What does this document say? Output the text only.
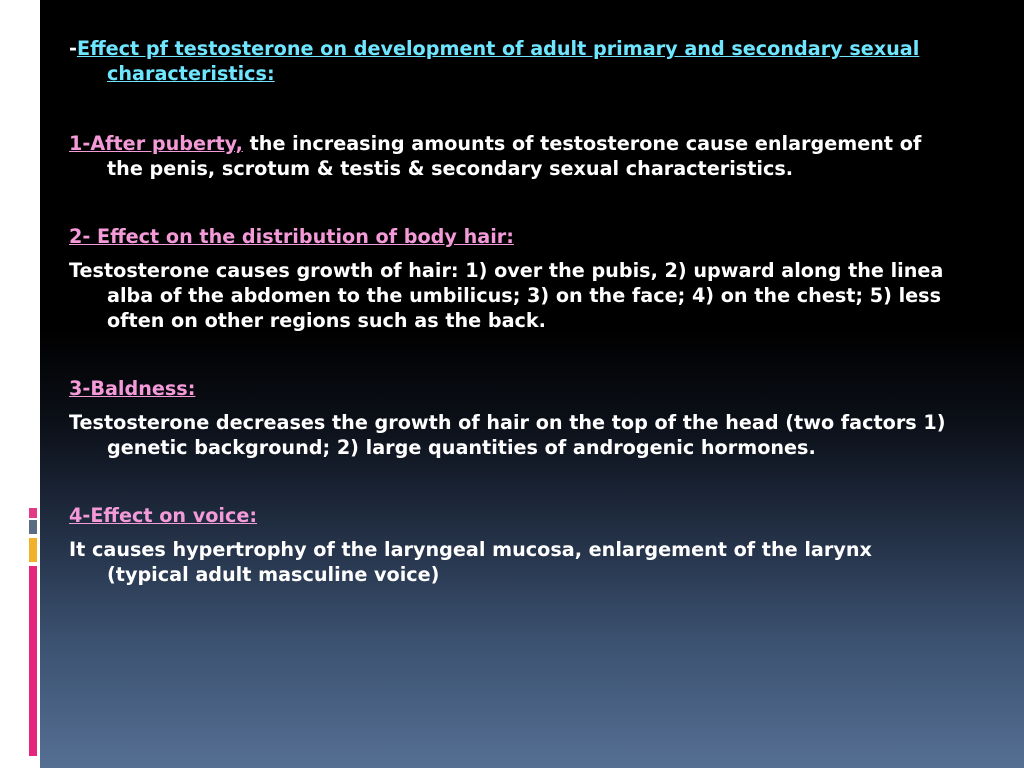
-Effect pf testosterone on development of adult primary and secondary sexual characteristics:

1-After puberty, the increasing amounts of testosterone cause enlargement of the penis, scrotum & testis & secondary sexual characteristics.

2- Effect on the distribution of body hair:

Testosterone causes growth of hair: 1) over the pubis, 2) upward along the linea alba of the abdomen to the umbilicus; 3) on the face; 4) on the chest; 5) less often on other regions such as the back.

3-Baldness:

Testosterone decreases the growth of hair on the top of the head (two factors 1) genetic background; 2) large quantities of androgenic hormones.

4-Effect on voice:

It causes hypertrophy of the laryngeal mucosa, enlargement of the larynx (typical adult masculine voice)
